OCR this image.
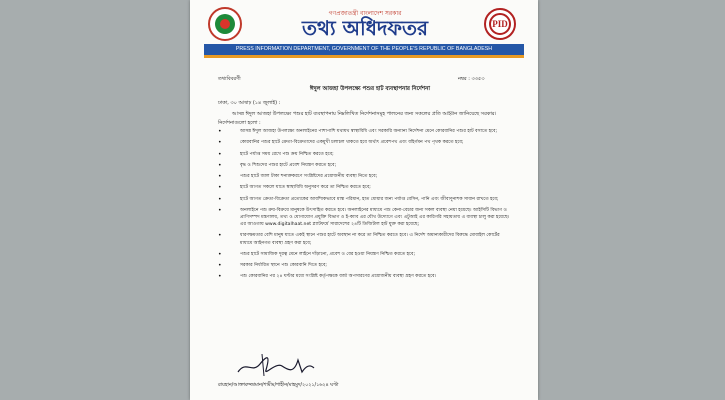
গণপ্রজাতন্ত্রী বাংলাদেশ সরকার
তথ্য অধিদফতর	PID
PRESS INFORMATION DEPARTMENT, GOVERNMENT OF THE PEOPLE'S REPUBLIC OF BANGLADESH
তথ্যবিবরণী	নম্বর : ৩৩৫৩
ঈদুল আজহা উপলক্ষ্যে পশুর হাট ব্যবস্থাপনার নির্দেশনা
ঢাকা, ৩০ আষাঢ় (১৪ জুলাই) :
আসন্ন ঈদুল আজহা উপলক্ষ্যে পশুর হাট ব্যবস্থাপনায় নিম্নলিখিত নির্দেশনাসমূহ পালনের জন্য সকলের প্রতি আহ্বান জানিয়েছে সরকার। নির্দেশনাগুলো হলো :
•	আসন্ন ঈদুল আজহা উপলক্ষ্যে অনলাইনের পাশাপাশি যথাযথ স্বাস্থ্যবিধি এবং সরকারি অন্যান্য নির্দেশনা মেনে কোরবানির পশুর হাট বসাতে হবে;
•	কোরবানির পশুর হাটে ক্রেতা-বিক্রেতাদের একমুখী চলাচল থাকতে হবে অর্থাৎ প্রবেশপথ এবং বহির্গমন পথ পৃথক করতে হবে;
•	হাটে পর্যাপ্ত সময় রেখে পশু ক্রয় নিশ্চিত করতে হবে;
•	বৃদ্ধ ও শিশুদের পশুর হাটে প্রবেশ নিয়ন্ত্রণ করতে হবে;
•	পশুর হাটে জাল টাকা শনাক্তকরণে সংশ্লিষ্টদের প্রয়োজনীয় ব্যবস্থা নিতে হবে;
•	হাটে আগত সকলে যাতে স্বাস্থ্যবিধি অনুসরণ করে তা নিশ্চিত করতে হবে;
•	হাটে আগত ক্রেতা-বিক্রেতা প্রত্যেকের আবশ্যিকভাবে মাস্ক পরিধান, হাত ধোয়ার জন্য পর্যাপ্ত বেসিন, পানি এবং জীবাণুনাশক সাবান রাখতে হবে;
•	অনলাইনে পশু ক্রয়-বিক্রয়ে মানুষকে উৎসাহিত করতে হবে। অনলাইনের মাধ্যমে পশু কেনা-বেচার জন্য সকল ব্যবস্থা নেয়া হয়েছে। আইসিটি বিভাগ ও প্রাণিসম্পদ মন্ত্রণালয়, তথ্য ও যোগাযোগ প্রযুক্তি বিভাগ ও ই-ক্যাব এর যৌথ উদ্যোগে এবং এটুআই এর কারিগরি সহায়তায় এ ব্যবস্থা চালু করা হয়েছে। এর আওতায় www.digitalhaat.net প্ল্যাটফর্মে সারাদেশের ২৪টি ডিজিটাল হাট যুক্ত করা হয়েছে;
•	ধারণক্ষমতার বেশি মানুষ যাতে একই স্থানে পশুর হাটে অবস্থান না করে তা নিশ্চিত করতে হবে। এ নির্দেশ অমান্যকারীদের বিরুদ্ধে মোবাইল কোর্টের মাধ্যমে আইনগত ব্যবস্থা গ্রহণ করা হবে;
•	পশুর হাটে সামাজিক দূরত্ব মেনে লাইনে দাঁড়ানো, প্রবেশ ও বের হওয়া নিয়ন্ত্রণ নিশ্চিত করতে হবে;
•	সরকার নির্ধারিত স্থানে পশু কোরবানি দিতে হবে;
•	পশু কোরবানির পর ২৪ ঘণ্টার মধ্যে সংশ্লিষ্ট কর্তৃপক্ষকে বর্জ্য অপসারণের প্রয়োজনীয় ব্যবস্থা গ্রহণ করতে হবে।
রায়হান/আক্তারুজ্জামান/শামীম/শাহীন/মাহমুদ/২০২১/১৬২৪ ঘণ্টা
